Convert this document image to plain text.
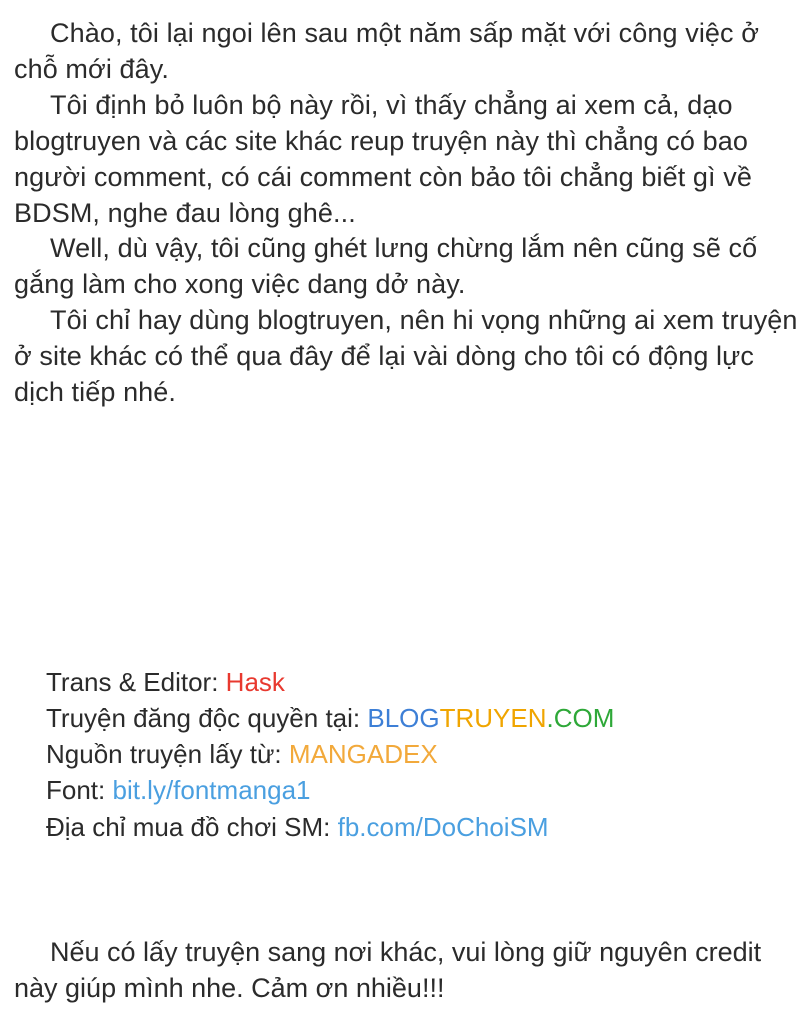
Chào, tôi lại ngoi lên sau một năm sấp mặt với công việc ở chỗ mới đây.

Tôi định bỏ luôn bộ này rồi, vì thấy chẳng ai xem cả, dạo blogtruyen và các site khác reup truyện này thì chẳng có bao người comment, có cái comment còn bảo tôi chẳng biết gì về BDSM, nghe đau lòng ghê...

Well, dù vậy, tôi cũng ghét lưng chừng lắm nên cũng sẽ cố gắng làm cho xong việc dang dở này.

Tôi chỉ hay dùng blogtruyen, nên hi vọng những ai xem truyện ở site khác có thể qua đây để lại vài dòng cho tôi có động lực dịch tiếp nhé.

Trans & Editor: Hask
Truyện đăng độc quyền tại: BLOGTRUYEN.COM
Nguồn truyện lấy từ: MANGADEX
Font: bit.ly/fontmanga1
Địa chỉ mua đồ chơi SM: fb.com/DoChoiSM

Nếu có lấy truyện sang nơi khác, vui lòng giữ nguyên credit này giúp mình nhe. Cảm ơn nhiều!!!
